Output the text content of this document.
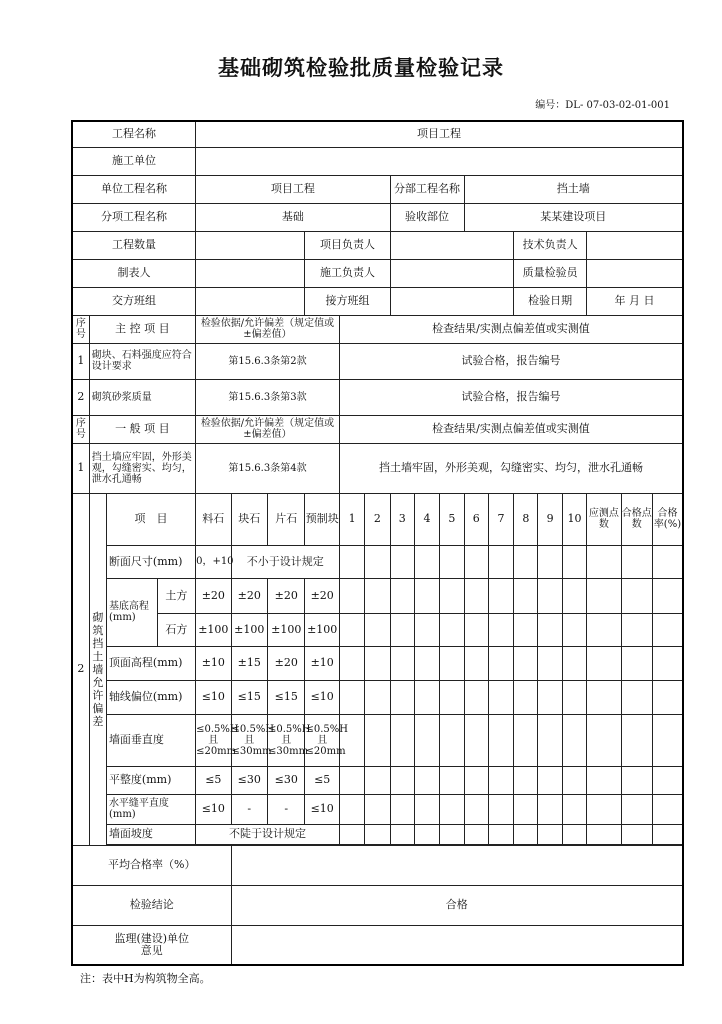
基础砌筑检验批质量检验记录
编号：DL- 07-03-02-01-001
工程名称				项目工程																
施工单位																				
单位工程名称				项目工程						分部工程名称			挡土墙							
分项工程名称				基础						验收部位			某某建设项目							
工程数量							项目负责人								技术负责人					
制表人							施工负责人								质量检验员					
交方班组							接方班组								检验日期			年 月 日		
序号	主 控 项 目			检验依据/允许偏差（规定值或±偏差值）				检查结果/实测点偏差值或实测值												
1	砌块、石料强度应符合设计要求			第15.6.3条第2款				试验合格，报告编号												
2	砌筑砂浆质量			第15.6.3条第3款				试验合格，报告编号												
序号	一 般 项 目			检验依据/允许偏差（规定值或±偏差值）				检查结果/实测点偏差值或实测值												
1	挡土墙应牢固，外形美观，勾缝密实、均匀，泄水孔通畅			第15.6.3条第4款				挡土墙牢固，外形美观，勾缝密实、均匀，泄水孔通畅												
2	砌筑挡土墙允许偏差	项　目		料石	块石	片石	预制块	1	2	3	4	5	6	7	8	9	10	应测点数	合格点数	合格率(%)
		断面尺寸(mm)		0，+10	不小于设计规定															
		基底高程(mm)	土方	±20	±20	±20	±20													
			石方	±100	±100	±100	±100													
		顶面高程(mm)		±10	±15	±20	±10													
		轴线偏位(mm)		≤10	≤15	≤15	≤10													
		墙面垂直度		≤0.5%H且≤20mm	≤0.5%H且≤30mm	≤0.5%H且≤30mm	≤0.5%H且≤20mm													
		平整度(mm)		≤5	≤30	≤30	≤5													
		水平缝平直度(mm)		≤10	-	-	≤10													
		墙面坡度		不陡于设计规定																

平均合格率（%）																				
检验结论					合格															
监理(建设)单位意见																				
注：表中H为构筑物全高。
